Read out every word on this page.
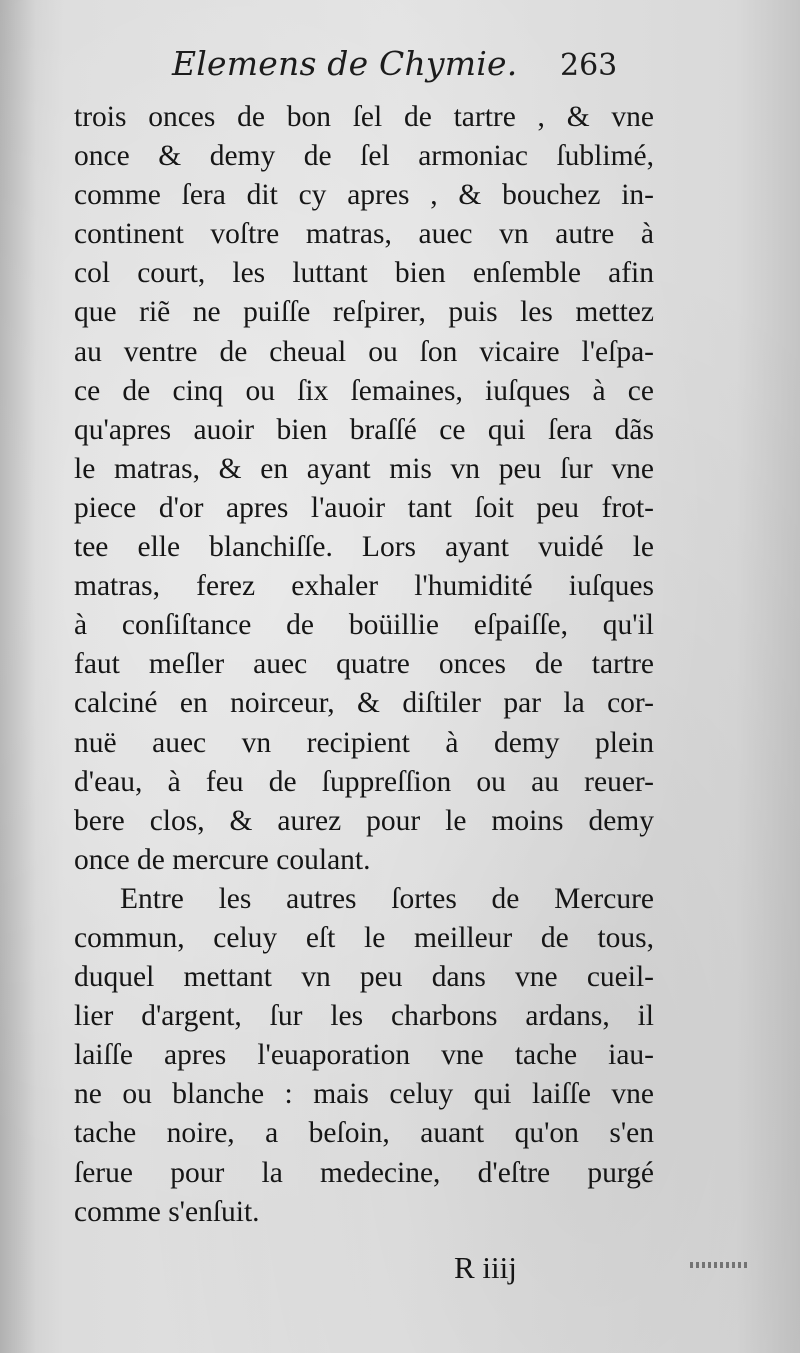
Elemens de Chymie. 263
trois onces de bon ſel de tartre , & vne
once & demy de ſel armoniac ſublimé,
comme ſera dit cy apres , & bouchez in-
continent voſtre matras, auec vn autre à
col court, les luttant bien enſemble afin
que riẽ ne puiſſe reſpirer, puis les mettez
au ventre de cheual ou ſon vicaire l'eſpa-
ce de cinq ou ſix ſemaines, iuſques à ce
qu'apres auoir bien braſſé ce qui ſera dãs
le matras, & en ayant mis vn peu ſur vne
piece d'or apres l'auoir tant ſoit peu frot-
tee elle blanchiſſe. Lors ayant vuidé le
matras, ferez exhaler l'humidité iuſques
à conſiſtance de boüillie eſpaiſſe, qu'il
faut meſler auec quatre onces de tartre
calciné en noirceur, & diſtiler par la cor-
nuë auec vn recipient à demy plein
d'eau, à feu de ſuppreſſion ou au reuer-
bere clos, & aurez pour le moins demy
once de mercure coulant.
Entre les autres ſortes de Mercure
commun, celuy eſt le meilleur de tous,
duquel mettant vn peu dans vne cueil-
lier d'argent, ſur les charbons ardans, il
laiſſe apres l'euaporation vne tache iau-
ne ou blanche : mais celuy qui laiſſe vne
tache noire, a beſoin, auant qu'on s'en
ſerue pour la medecine, d'eſtre purgé
comme s'enſuit.
R iiij
